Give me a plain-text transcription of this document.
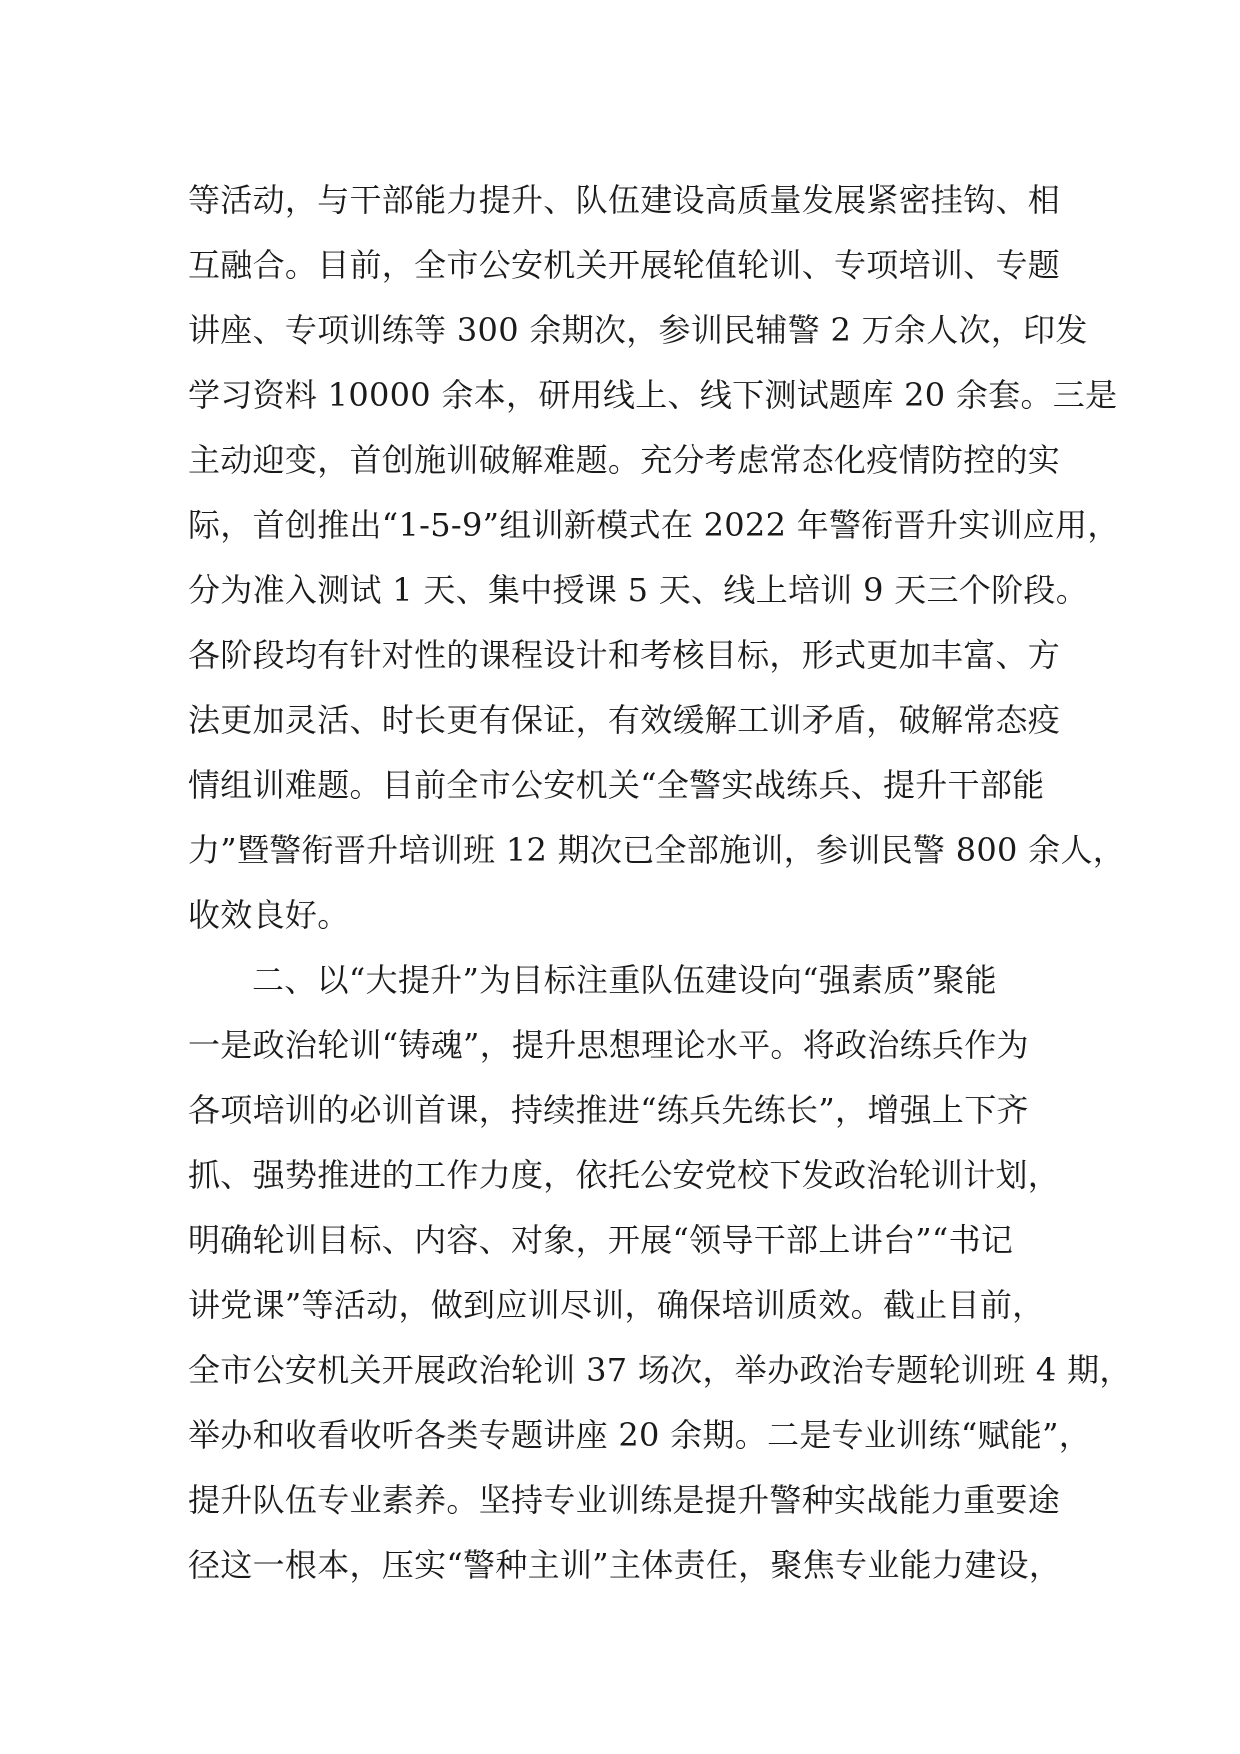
等活动，与干部能力提升、队伍建设高质量发展紧密挂钩、相
互融合。目前，全市公安机关开展轮值轮训、专项培训、专题
讲座、专项训练等 300 余期次，参训民辅警 2 万余人次，印发
学习资料 10000 余本，研用线上、线下测试题库 20 余套。三是
主动迎变，首创施训破解难题。充分考虑常态化疫情防控的实
际，首创推出“1-5-9”组训新模式在 2022 年警衔晋升实训应用，
分为准入测试 1 天、集中授课 5 天、线上培训 9 天三个阶段。
各阶段均有针对性的课程设计和考核目标，形式更加丰富、方
法更加灵活、时长更有保证，有效缓解工训矛盾，破解常态疫
情组训难题。目前全市公安机关“全警实战练兵、提升干部能
力”暨警衔晋升培训班 12 期次已全部施训，参训民警 800 余人，
收效良好。
二、以“大提升”为目标注重队伍建设向“强素质”聚能
一是政治轮训“铸魂”，提升思想理论水平。将政治练兵作为
各项培训的必训首课，持续推进“练兵先练长”，增强上下齐
抓、强势推进的工作力度，依托公安党校下发政治轮训计划，
明确轮训目标、内容、对象，开展“领导干部上讲台”“书记
讲党课”等活动，做到应训尽训，确保培训质效。截止目前，
全市公安机关开展政治轮训 37 场次，举办政治专题轮训班 4 期，
举办和收看收听各类专题讲座 20 余期。二是专业训练“赋能”，
提升队伍专业素养。坚持专业训练是提升警种实战能力重要途
径这一根本，压实“警种主训”主体责任，聚焦专业能力建设，
